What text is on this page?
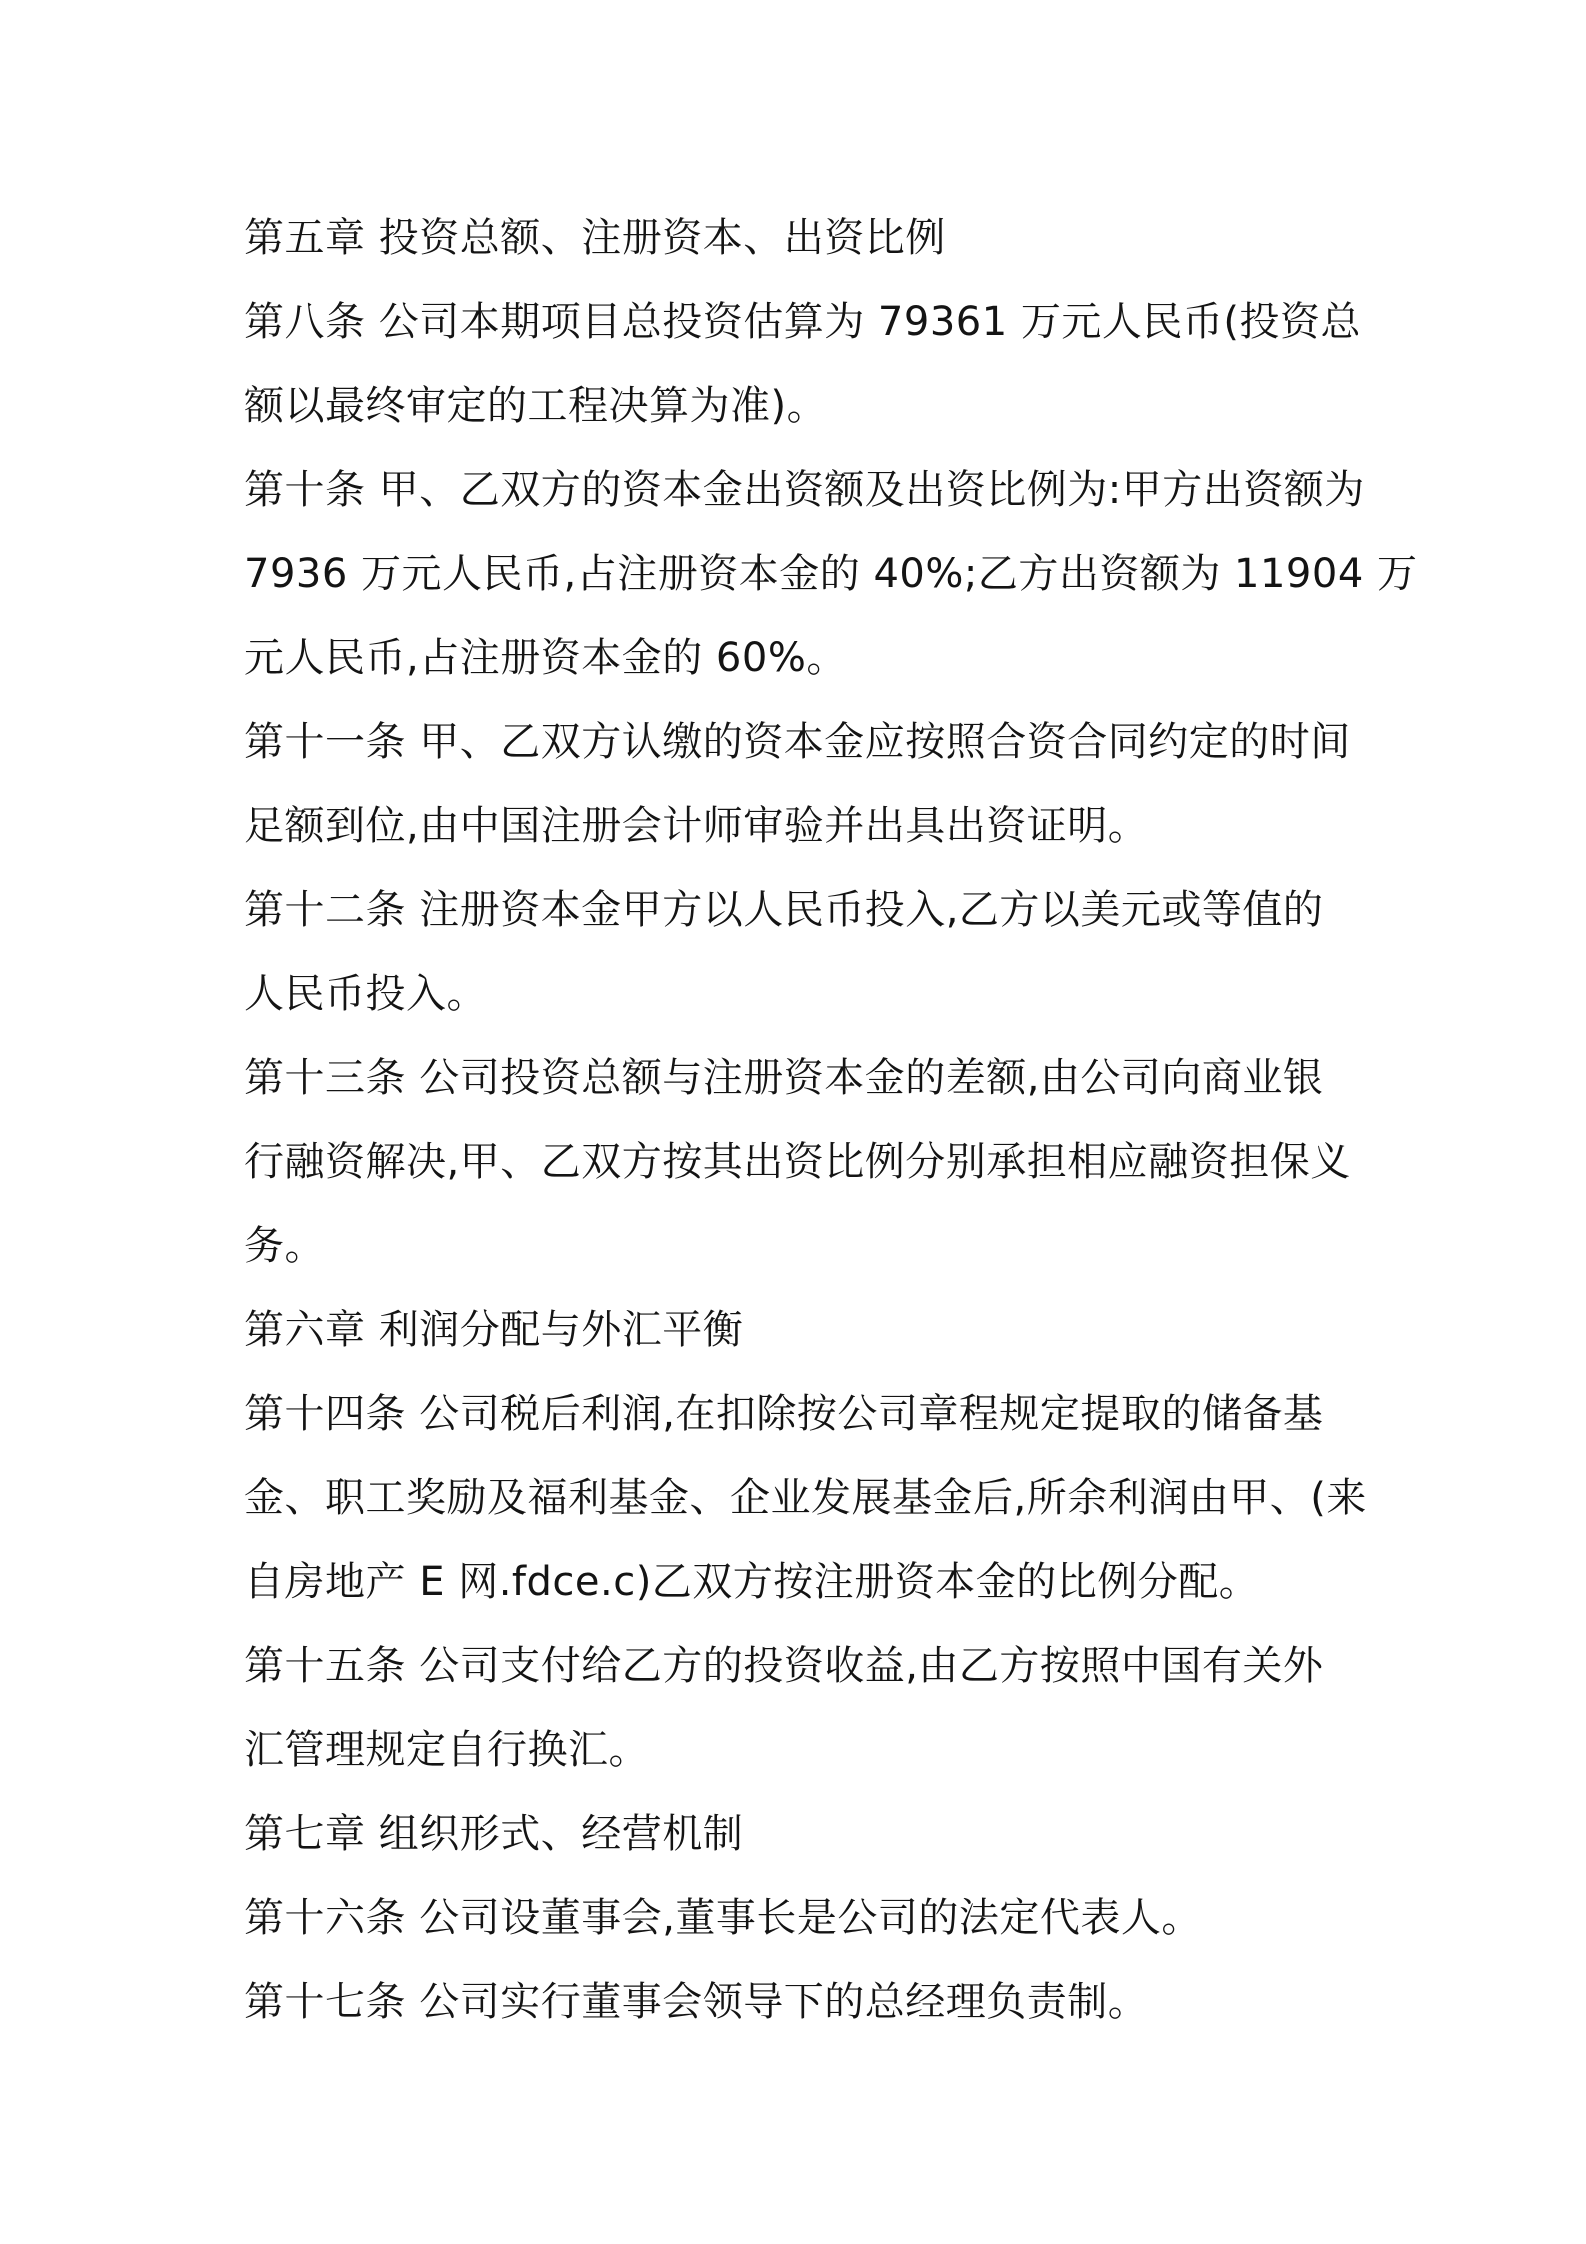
第五章 投资总额、注册资本、出资比例
第八条 公司本期项目总投资估算为 79361 万元人民币(投资总
额以最终审定的工程决算为准)。
第十条 甲、乙双方的资本金出资额及出资比例为:甲方出资额为
7936 万元人民币,占注册资本金的 40%;乙方出资额为 11904 万
元人民币,占注册资本金的 60%。
第十一条 甲、乙双方认缴的资本金应按照合资合同约定的时间
足额到位,由中国注册会计师审验并出具出资证明。
第十二条 注册资本金甲方以人民币投入,乙方以美元或等值的
人民币投入。
第十三条 公司投资总额与注册资本金的差额,由公司向商业银
行融资解决,甲、乙双方按其出资比例分别承担相应融资担保义
务。
第六章 利润分配与外汇平衡
第十四条 公司税后利润,在扣除按公司章程规定提取的储备基
金、职工奖励及福利基金、企业发展基金后,所余利润由甲、(来
自房地产 E 网.fdce.c)乙双方按注册资本金的比例分配。
第十五条 公司支付给乙方的投资收益,由乙方按照中国有关外
汇管理规定自行换汇。
第七章 组织形式、经营机制
第十六条 公司设董事会,董事长是公司的法定代表人。
第十七条 公司实行董事会领导下的总经理负责制。
